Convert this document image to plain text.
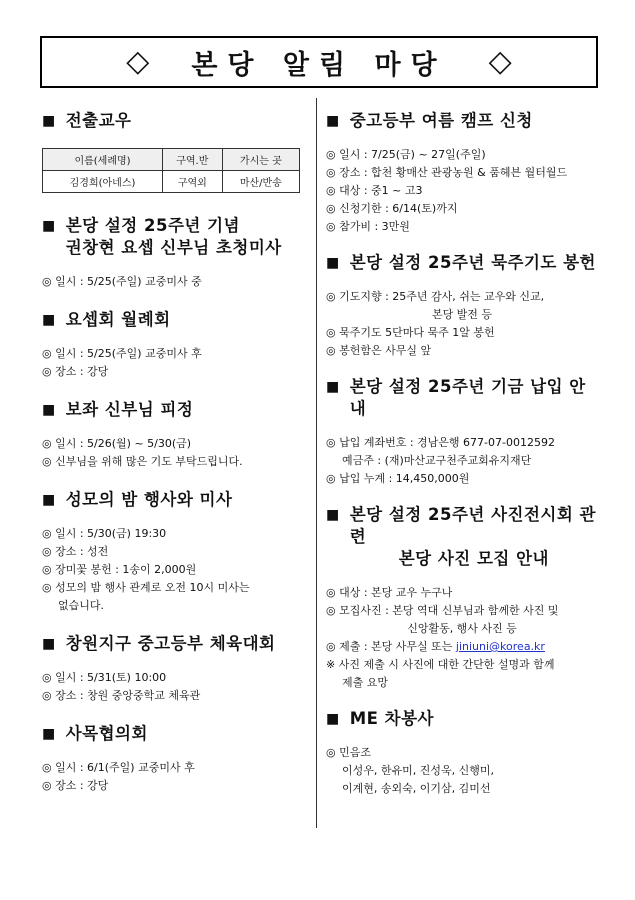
◇ 본당 알림 마당 ◇
■ 전출교우
이름(세례명)	구역.반	가시는 곳
김경희(아네스)	구역외	마산/반송
■ 본당 설정 25주년 기념
권창현 요셉 신부님 초청미사
◎ 일시 : 5/25(주일) 교중미사 중
■ 요셉회 월례회
◎ 일시 : 5/25(주일) 교중미사 후
◎ 장소 : 강당
■ 보좌 신부님 피정
◎ 일시 : 5/26(월) ~ 5/30(금)
◎ 신부님을 위해 많은 기도 부탁드립니다.
■ 성모의 밤 행사와 미사
◎ 일시 : 5/30(금) 19:30
◎ 장소 : 성전
◎ 장미꽃 봉헌 : 1송이 2,000원
◎ 성모의 밤 행사 관계로 오전 10시 미사는
없습니다.
■ 창원지구 중고등부 체육대회
◎ 일시 : 5/31(토) 10:00
◎ 장소 : 창원 중앙중학교 체육관
■ 사목협의회
◎ 일시 : 6/1(주일) 교중미사 후
◎ 장소 : 강당
■ 중고등부 여름 캠프 신청
◎ 일시 : 7/25(금) ~ 27일(주일)
◎ 장소 : 합천 황매산 관광농원 & 품헤븐 월터월드
◎ 대상 : 중1 ~ 고3
◎ 신청기한 : 6/14(토)까지
◎ 참가비 : 3만원
■ 본당 설정 25주년 묵주기도 봉헌
◎ 기도지향 : 25주년 감사, 쉬는 교우와 신교,
본당 발전 등
◎ 묵주기도 5단마다 묵주 1알 봉헌
◎ 봉헌함은 사무실 앞
■ 본당 설정 25주년 기금 납입 안내
◎ 납입 계좌번호 : 경남은행 677-07-0012592
예금주 : (재)마산교구천주교회유지재단
◎ 납입 누계 : 14,450,000원
■ 본당 설정 25주년 사진전시회 관련
본당 사진 모집 안내
◎ 대상 : 본당 교우 누구나
◎ 모집사진 : 본당 역대 신부님과 함께한 사진 및
신앙활동, 행사 사진 등
◎ 제출 : 본당 사무실 또는 jiniuni@korea.kr
※ 사진 제출 시 사진에 대한 간단한 설명과 함께
제출 요망
■ ME 차봉사
◎ 민음조
이성우, 한유미, 진성욱, 신행미,
이계현, 송외숙, 이기삼, 김미선
